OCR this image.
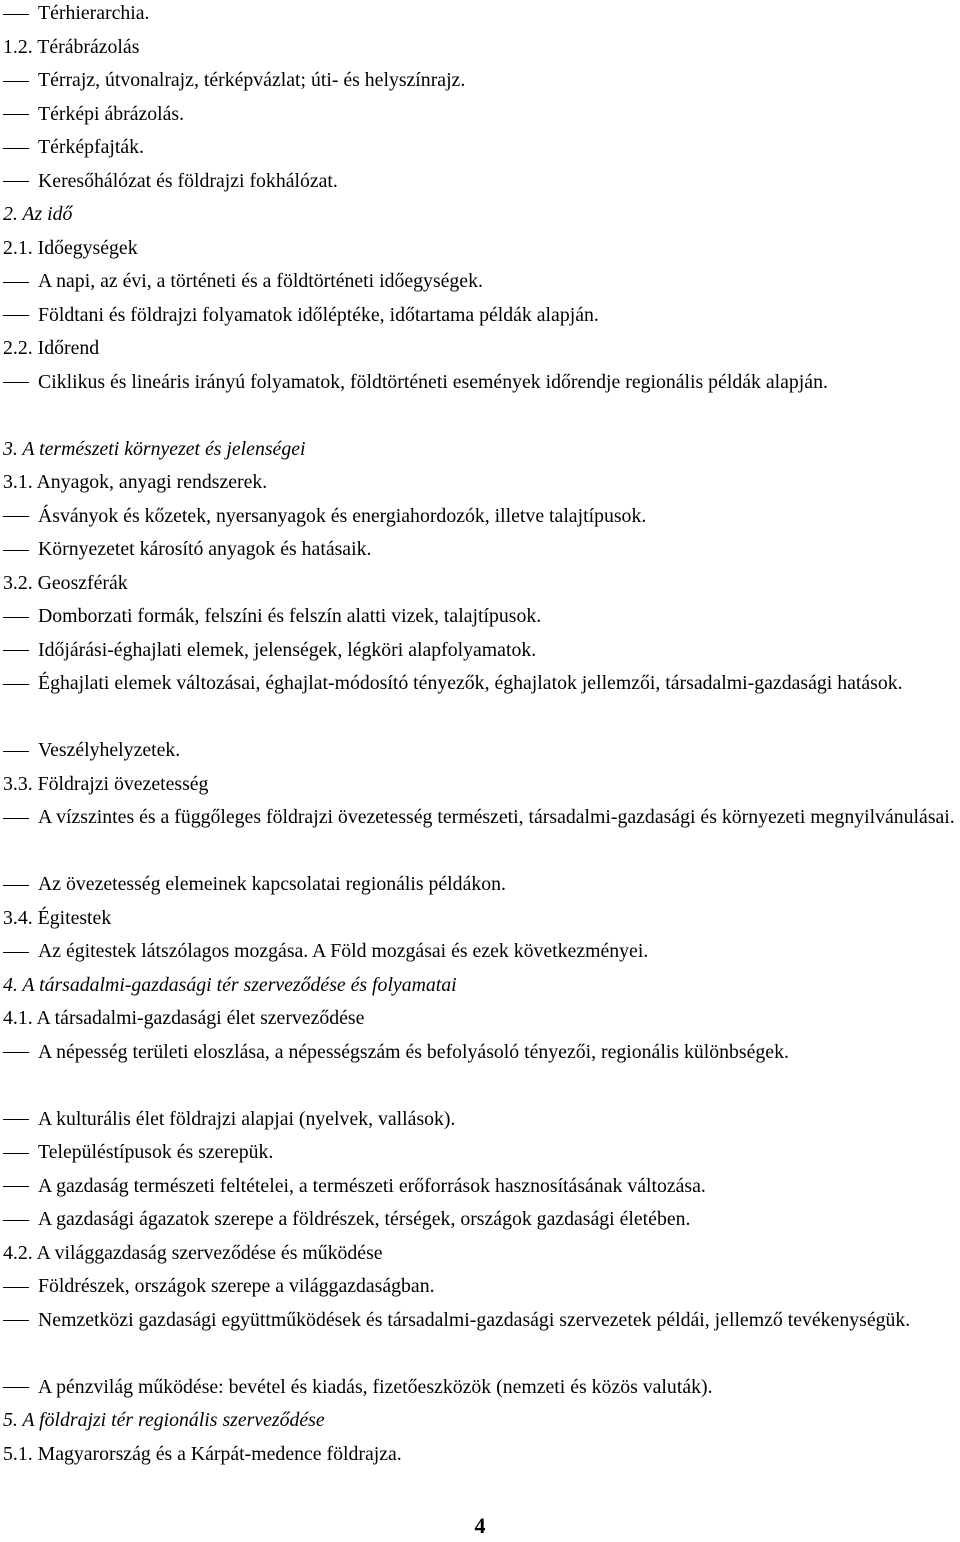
Térhierarchia.
1.2. Térábrázolás
Térrajz, útvonalrajz, térképvázlat; úti- és helyszínrajz.
Térképi ábrázolás.
Térképfajták.
Keresőhálózat és földrajzi fokhálózat.
2. Az idő
2.1. Időegységek
A napi, az évi, a történeti és a földtörténeti időegységek.
Földtani és földrajzi folyamatok időléptéke, időtartama példák alapján.
2.2. Időrend
Ciklikus és lineáris irányú folyamatok, földtörténeti események időrendje regionális példák alapján.
3. A természeti környezet és jelenségei
3.1. Anyagok, anyagi rendszerek.
Ásványok és kőzetek, nyersanyagok és energiahordozók, illetve talajtípusok.
Környezetet károsító anyagok és hatásaik.
3.2. Geoszférák
Domborzati formák, felszíni és felszín alatti vizek, talajtípusok.
Időjárási-éghajlati elemek, jelenségek, légköri alapfolyamatok.
Éghajlati elemek változásai, éghajlat-módosító tényezők, éghajlatok jellemzői, társadalmi-gazdasági hatások.
Veszélyhelyzetek.
3.3. Földrajzi övezetesség
A vízszintes és a függőleges földrajzi övezetesség természeti, társadalmi-gazdasági és környezeti megnyilvánulásai.
Az övezetesség elemeinek kapcsolatai regionális példákon.
3.4. Égitestek
Az égitestek látszólagos mozgása. A Föld mozgásai és ezek következményei.
4. A társadalmi-gazdasági tér szerveződése és folyamatai
4.1. A társadalmi-gazdasági élet szerveződése
A népesség területi eloszlása, a népességszám és befolyásoló tényezői, regionális különbségek.
A kulturális élet földrajzi alapjai (nyelvek, vallások).
Településtípusok és szerepük.
A gazdaság természeti feltételei, a természeti erőforrások hasznosításának változása.
A gazdasági ágazatok szerepe a földrészek, térségek, országok gazdasági életében.
4.2. A világgazdaság szerveződése és működése
Földrészek, országok szerepe a világgazdaságban.
Nemzetközi gazdasági együttműködések és társadalmi-gazdasági szervezetek példái, jellemző tevékenységük.
A pénzvilág működése: bevétel és kiadás, fizetőeszközök (nemzeti és közös valuták).
5. A földrajzi tér regionális szerveződése
5.1. Magyarország és a Kárpát-medence földrajza.
4
